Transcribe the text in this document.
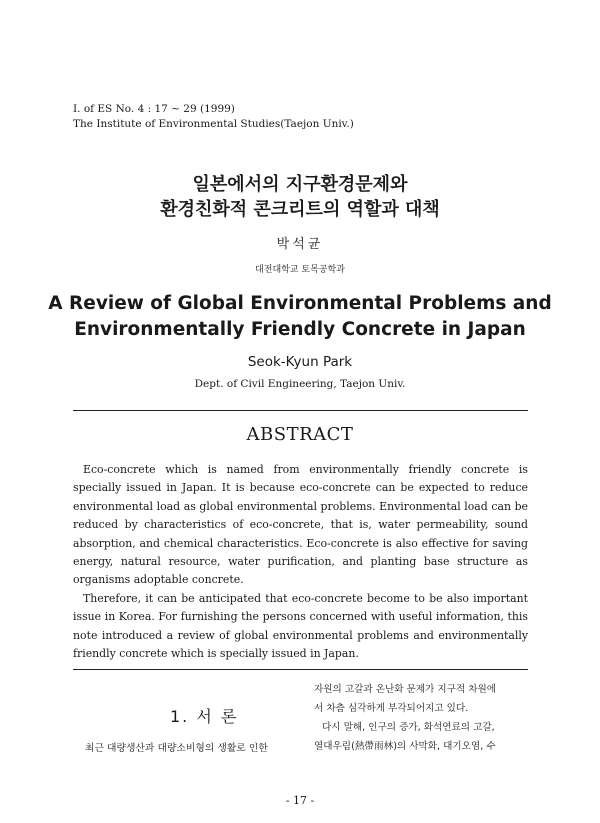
Ⅰ. of ES No. 4 : 17 ~ 29 (1999)
The Institute of Environmental Studies(Taejon Univ.)
일본에서의 지구환경문제와
환경친화적 콘크리트의 역할과 대책
박석균
대전대학교 토목공학과
A Review of Global Environmental Problems and
Environmentally Friendly Concrete in Japan
Seok-Kyun Park
Dept. of Civil Engineering, Taejon Univ.
ABSTRACT

Eco-concrete which is named from environmentally friendly concrete is specially issued in Japan. It is because eco-concrete can be expected to reduce environmental load as global environmental problems. Environmental load can be reduced by characteristics of eco-concrete, that is, water permeability, sound absorption, and chemical characteristics. Eco-concrete is also effective for saving energy, natural resource, water purification, and planting base structure as organisms adoptable concrete.

Therefore, it can be anticipated that eco-concrete become to be also important issue in Korea. For furnishing the persons concerned with useful information, this note introduced a review of global environmental problems and environmentally friendly concrete which is specially issued in Japan.

1. 서 론
최근 대량생산과 대량소비형의 생활로 인한
자원의 고갈과 온난화 문제가 지구적 차원에
서 차츰 심각하게 부각되어지고 있다.
다시 말해, 인구의 증가, 화석연료의 고갈,
열대우림(熱帶雨林)의 사막화, 대기오염, 수
- 17 -
